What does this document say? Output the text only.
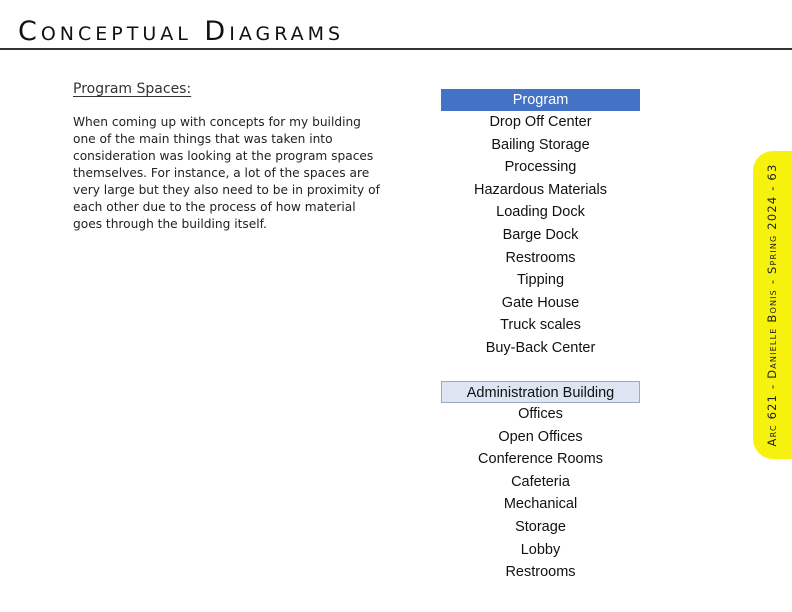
Conceptual Diagrams
Program Spaces:

When coming up with concepts for my building one of the main things that was taken into consideration was looking at the program spaces themselves. For instance, a lot of the spaces are very large but they also need to be in proximity of each other due to the process of how material goes through the building itself.

Program
Drop Off Center
Bailing Storage
Processing
Hazardous Materials
Loading Dock
Barge Dock
Restrooms
Tipping
Gate House
Truck scales
Buy-Back Center
Administration Building
Offices
Open Offices
Conference Rooms
Cafeteria
Mechanical
Storage
Lobby
Restrooms
Arc 621 - Danielle Bonis - Spring 2024 - 63
